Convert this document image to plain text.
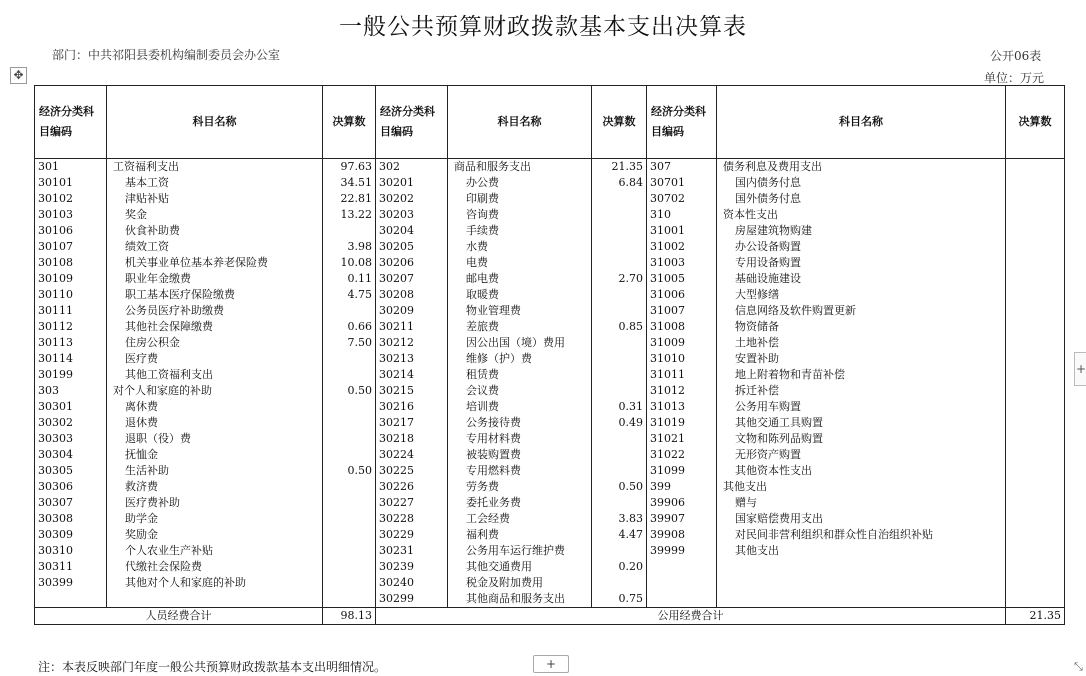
一般公共预算财政拨款基本支出决算表
部门：中共祁阳县委机构编制委员会办公室	公开06表
单位：万元
✥
经济分类科目编码	科目名称	决算数	经济分类科目编码	科目名称	决算数	经济分类科目编码	科目名称	决算数
301	工资福利支出	97.63	302	商品和服务支出	21.35	307	债务利息及费用支出	
30101	基本工资	34.51	30201	办公费	6.84	30701	国内债务付息	
30102	津贴补贴	22.81	30202	印刷费		30702	国外债务付息	
30103	奖金	13.22	30203	咨询费		310	资本性支出	
30106	伙食补助费		30204	手续费		31001	房屋建筑物购建	
30107	绩效工资	3.98	30205	水费		31002	办公设备购置	
30108	机关事业单位基本养老保险费	10.08	30206	电费		31003	专用设备购置	
30109	职业年金缴费	0.11	30207	邮电费	2.70	31005	基础设施建设	
30110	职工基本医疗保险缴费	4.75	30208	取暖费		31006	大型修缮	
30111	公务员医疗补助缴费		30209	物业管理费		31007	信息网络及软件购置更新	
30112	其他社会保障缴费	0.66	30211	差旅费	0.85	31008	物资储备	
30113	住房公积金	7.50	30212	因公出国（境）费用		31009	土地补偿	
30114	医疗费		30213	维修（护）费		31010	安置补助	
30199	其他工资福利支出		30214	租赁费		31011	地上附着物和青苗补偿	
303	对个人和家庭的补助	0.50	30215	会议费		31012	拆迁补偿	
30301	离休费		30216	培训费	0.31	31013	公务用车购置	
30302	退休费		30217	公务接待费	0.49	31019	其他交通工具购置	
30303	退职（役）费		30218	专用材料费		31021	文物和陈列品购置	
30304	抚恤金		30224	被装购置费		31022	无形资产购置	
30305	生活补助	0.50	30225	专用燃料费		31099	其他资本性支出	
30306	救济费		30226	劳务费	0.50	399	其他支出	
30307	医疗费补助		30227	委托业务费		39906	赠与	
30308	助学金		30228	工会经费	3.83	39907	国家赔偿费用支出	
30309	奖励金		30229	福利费	4.47	39908	对民间非营利组织和群众性自治组织补贴	
30310	个人农业生产补贴		30231	公务用车运行维护费		39999	其他支出	
30311	代缴社会保险费		30239	其他交通费用	0.20			
30399	其他对个人和家庭的补助		30240	税金及附加费用				
			30299	其他商品和服务支出	0.75			
人员经费合计		98.13	公用经费合计					21.35
注：本表反映部门年度一般公共预算财政拨款基本支出明细情况。	+
+
⤡
